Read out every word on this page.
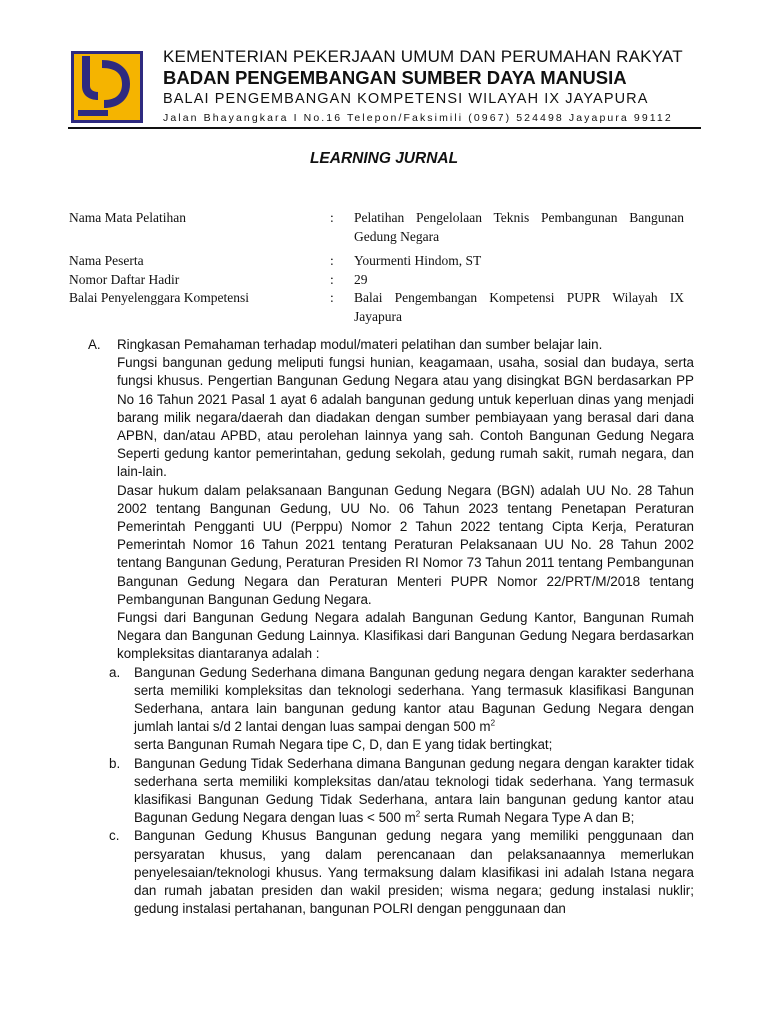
KEMENTERIAN PEKERJAAN UMUM DAN PERUMAHAN RAKYAT
BADAN PENGEMBANGAN SUMBER DAYA MANUSIA
BALAI PENGEMBANGAN KOMPETENSI WILAYAH IX JAYAPURA
Jalan Bhayangkara I No.16 Telepon/Faksimili (0967) 524498 Jayapura 99112
LEARNING JURNAL
Nama Mata Pelatihan	:	Pelatihan Pengelolaan Teknis Pembangunan Bangunan Gedung Negara
Nama Peserta	:	Yourmenti Hindom, ST
Nomor Daftar Hadir	:	29
Balai Penyelenggara Kompetensi	:	Balai Pengembangan Kompetensi PUPR Wilayah IX Jayapura
A.	Ringkasan Pemahaman terhadap modul/materi pelatihan dan sumber belajar lain.
Fungsi bangunan gedung meliputi fungsi hunian, keagamaan, usaha, sosial dan budaya, serta fungsi khusus. Pengertian Bangunan Gedung Negara atau yang disingkat BGN berdasarkan PP No 16 Tahun 2021 Pasal 1 ayat 6 adalah bangunan gedung untuk keperluan dinas yang menjadi barang milik negara/daerah dan diadakan dengan sumber pembiayaan yang berasal dari dana APBN, dan/atau APBD, atau perolehan lainnya yang sah. Contoh Bangunan Gedung Negara Seperti gedung kantor pemerintahan, gedung sekolah, gedung rumah sakit, rumah negara, dan lain-lain.
Dasar hukum dalam pelaksanaan Bangunan Gedung Negara (BGN) adalah UU No. 28 Tahun 2002 tentang Bangunan Gedung, UU No. 06 Tahun 2023 tentang Penetapan Peraturan Pemerintah Pengganti UU (Perppu) Nomor 2 Tahun 2022 tentang Cipta Kerja, Peraturan Pemerintah Nomor 16 Tahun 2021 tentang Peraturan Pelaksanaan UU No. 28 Tahun 2002 tentang Bangunan Gedung, Peraturan Presiden RI Nomor 73 Tahun 2011 tentang Pembangunan Bangunan Gedung Negara dan Peraturan Menteri PUPR Nomor 22/PRT/M/2018 tentang Pembangunan Bangunan Gedung Negara.
Fungsi dari Bangunan Gedung Negara adalah Bangunan Gedung Kantor, Bangunan Rumah Negara dan Bangunan Gedung Lainnya. Klasifikasi dari Bangunan Gedung Negara berdasarkan kompleksitas diantaranya adalah :
a.	Bangunan Gedung Sederhana dimana Bangunan gedung negara dengan karakter sederhana serta memiliki kompleksitas dan teknologi sederhana. Yang termasuk klasifikasi Bangunan Sederhana, antara lain bangunan gedung kantor atau Bagunan Gedung Negara dengan jumlah lantai s/d 2 lantai dengan luas sampai dengan 500 $m^2$
serta Bangunan Rumah Negara tipe C, D, dan E yang tidak bertingkat;
b.	Bangunan Gedung Tidak Sederhana dimana Bangunan gedung negara dengan karakter tidak sederhana serta memiliki kompleksitas dan/atau teknologi tidak sederhana. Yang termasuk klasifikasi Bangunan Gedung Tidak Sederhana, antara lain bangunan gedung kantor atau Bagunan Gedung Negara dengan luas < 500 $m^2$ serta Rumah Negara Type A dan B;
c.	Bangunan Gedung Khusus Bangunan gedung negara yang memiliki penggunaan dan persyaratan khusus, yang dalam perencanaan dan pelaksanaannya memerlukan penyelesaian/teknologi khusus. Yang termaksung dalam klasifikasi ini adalah Istana negara dan rumah jabatan presiden dan wakil presiden; wisma negara; gedung instalasi nuklir; gedung instalasi pertahanan, bangunan POLRI dengan penggunaan dan
